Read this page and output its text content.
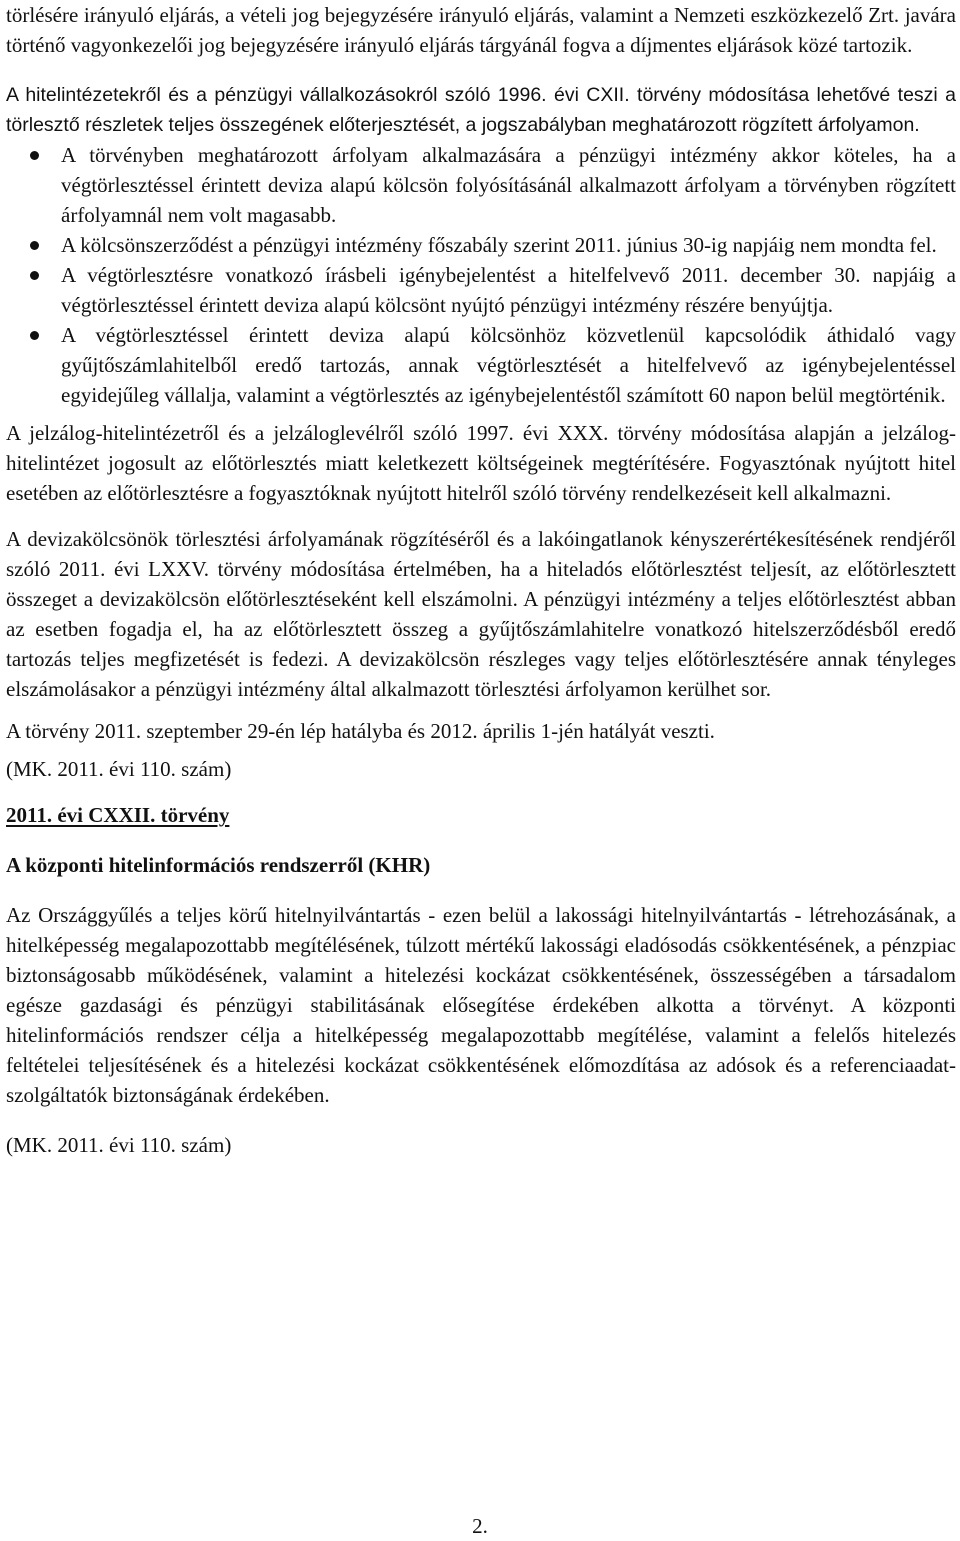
törlésére irányuló eljárás, a vételi jog bejegyzésére irányuló eljárás, valamint a Nemzeti eszközkezelő Zrt. javára történő vagyonkezelői jog bejegyzésére irányuló eljárás tárgyánál fogva a díjmentes eljárások közé tartozik.

A hitelintézetekről és a pénzügyi vállalkozásokról szóló 1996. évi CXII. törvény módosítása lehetővé teszi a törlesztő részletek teljes összegének előterjesztését, a jogszabályban meghatározott rögzített árfolyamon.

A törvényben meghatározott árfolyam alkalmazására a pénzügyi intézmény akkor köteles, ha a végtörlesztéssel érintett deviza alapú kölcsön folyósításánál alkalmazott árfolyam a törvényben rögzített árfolyamnál nem volt magasabb.
A kölcsönszerződést a pénzügyi intézmény főszabály szerint 2011. június 30-ig napjáig nem mondta fel.
A végtörlesztésre vonatkozó írásbeli igénybejelentést a hitelfelvevő 2011. december 30. napjáig a végtörlesztéssel érintett deviza alapú kölcsönt nyújtó pénzügyi intézmény részére benyújtja.
A végtörlesztéssel érintett deviza alapú kölcsönhöz közvetlenül kapcsolódik áthidaló vagy gyűjtőszámlahitelből eredő tartozás, annak végtörlesztését a hitelfelvevő az igénybejelentéssel egyidejűleg vállalja, valamint a végtörlesztés az igénybejelentéstől számított 60 napon belül megtörténik.

A jelzálog-hitelintézetről és a jelzáloglevélről szóló 1997. évi XXX. törvény módosítása alapján a jelzálog-hitelintézet jogosult az előtörlesztés miatt keletkezett költségeinek megtérítésére. Fogyasztónak nyújtott hitel esetében az előtörlesztésre a fogyasztóknak nyújtott hitelről szóló törvény rendelkezéseit kell alkalmazni.

A devizakölcsönök törlesztési árfolyamának rögzítéséről és a lakóingatlanok kényszerértékesítésének rendjéről szóló 2011. évi LXXV. törvény módosítása értelmében, ha a hiteladós előtörlesztést teljesít, az előtörlesztett összeget a devizakölcsön előtörlesztéseként kell elszámolni. A pénzügyi intézmény a teljes előtörlesztést abban az esetben fogadja el, ha az előtörlesztett összeg a gyűjtőszámlahitelre vonatkozó hitelszerződésből eredő tartozás teljes megfizetését is fedezi. A devizakölcsön részleges vagy teljes előtörlesztésére annak tényleges elszámolásakor a pénzügyi intézmény által alkalmazott törlesztési árfolyamon kerülhet sor.

A törvény 2011. szeptember 29-én lép hatályba és 2012. április 1-jén hatályát veszti.

(MK. 2011. évi 110. szám)

2011. évi CXXII. törvény

A központi hitelinformációs rendszerről (KHR)

Az Országgyűlés a teljes körű hitelnyilvántartás - ezen belül a lakossági hitelnyilvántartás - létrehozásának, a hitelképesség megalapozottabb megítélésének, túlzott mértékű lakossági eladósodás csökkentésének, a pénzpiac biztonságosabb működésének, valamint a hitelezési kockázat csökkentésének, összességében a társadalom egésze gazdasági és pénzügyi stabilitásának elősegítése érdekében alkotta a törvényt. A központi hitelinformációs rendszer célja a hitelképesség megalapozottabb megítélése, valamint a felelős hitelezés feltételei teljesítésének és a hitelezési kockázat csökkentésének előmozdítása az adósok és a referenciaadat-szolgáltatók biztonságának érdekében.

(MK. 2011. évi 110. szám)

2.
